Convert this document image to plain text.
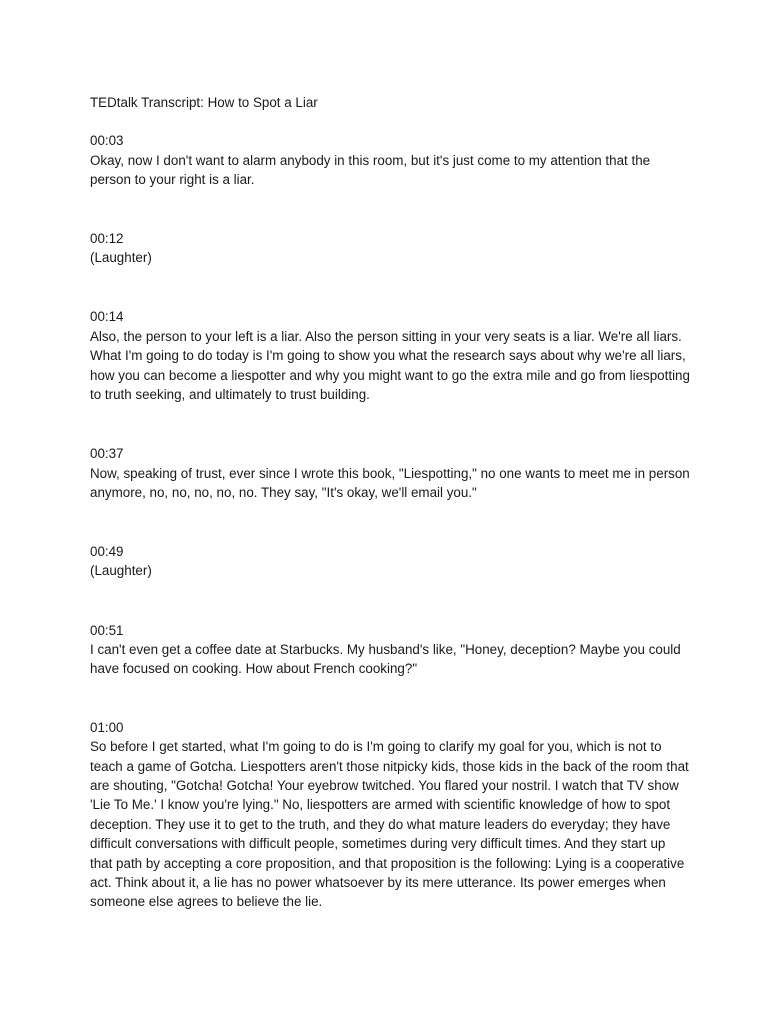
TEDtalk Transcript: How to Spot a Liar
00:03
Okay, now I don't want to alarm anybody in this room, but it's just come to my attention that the person to your right is a liar.
00:12
(Laughter)
00:14
Also, the person to your left is a liar. Also the person sitting in your very seats is a liar. We're all liars. What I'm going to do today is I'm going to show you what the research says about why we're all liars, how you can become a liespotter and why you might want to go the extra mile and go from liespotting to truth seeking, and ultimately to trust building.
00:37
Now, speaking of trust, ever since I wrote this book, "Liespotting," no one wants to meet me in person anymore, no, no, no, no, no. They say, "It's okay, we'll email you."
00:49
(Laughter)
00:51
I can't even get a coffee date at Starbucks. My husband's like, "Honey, deception? Maybe you could have focused on cooking. How about French cooking?"
01:00
So before I get started, what I'm going to do is I'm going to clarify my goal for you, which is not to teach a game of Gotcha. Liespotters aren't those nitpicky kids, those kids in the back of the room that are shouting, "Gotcha! Gotcha! Your eyebrow twitched. You flared your nostril. I watch that TV show 'Lie To Me.' I know you're lying." No, liespotters are armed with scientific knowledge of how to spot deception. They use it to get to the truth, and they do what mature leaders do everyday; they have difficult conversations with difficult people, sometimes during very difficult times. And they start up that path by accepting a core proposition, and that proposition is the following: Lying is a cooperative act. Think about it, a lie has no power whatsoever by its mere utterance. Its power emerges when someone else agrees to believe the lie.
